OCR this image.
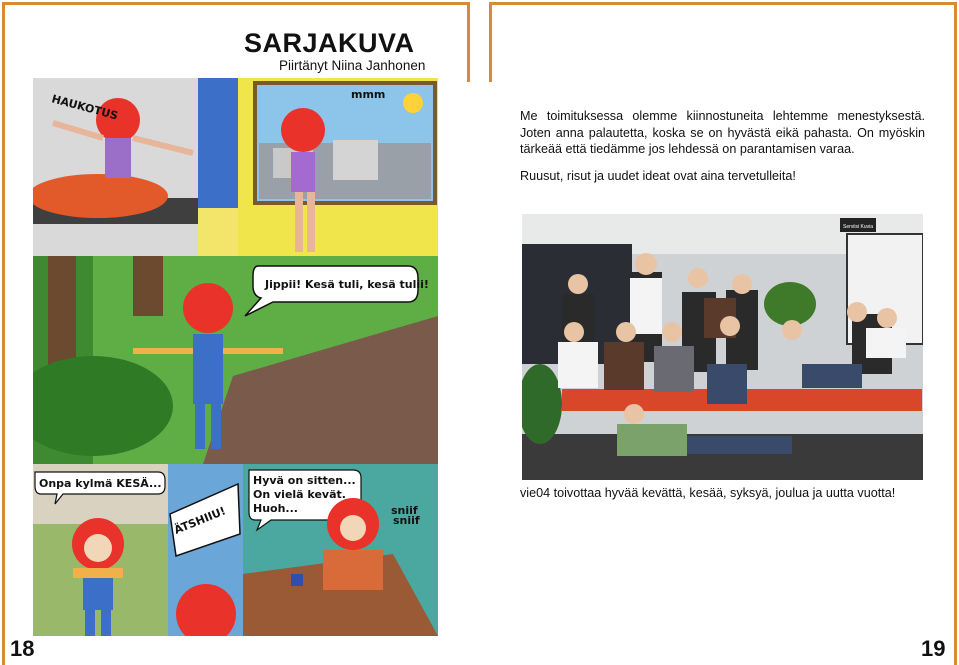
SARJAKUVA
Piirtänyt Niina Janhonen
HAUKOTUS	mmm
Jippii! Kesä tuli, kesä tulii!
Onpa kylmä KESÄ...
ÄTSHIIU!
Hyvä on sitten...
On vielä kevät.
Huoh...	sniif
sniif

Me toimituksessa olemme kiinnostuneita lehtemme menestyksestä. Joten anna palautetta, koska se on hyvästä eikä pahasta. On myöskin tärkeää että tiedämme jos lehdessä on parantamisen varaa.

Ruusut, risut ja uudet ideat ovat aina tervetulleita!

Serviisi Kuvia
vie04 toivottaa hyvää kevättä, kesää, syksyä, joulua ja uutta vuotta!
18	19
